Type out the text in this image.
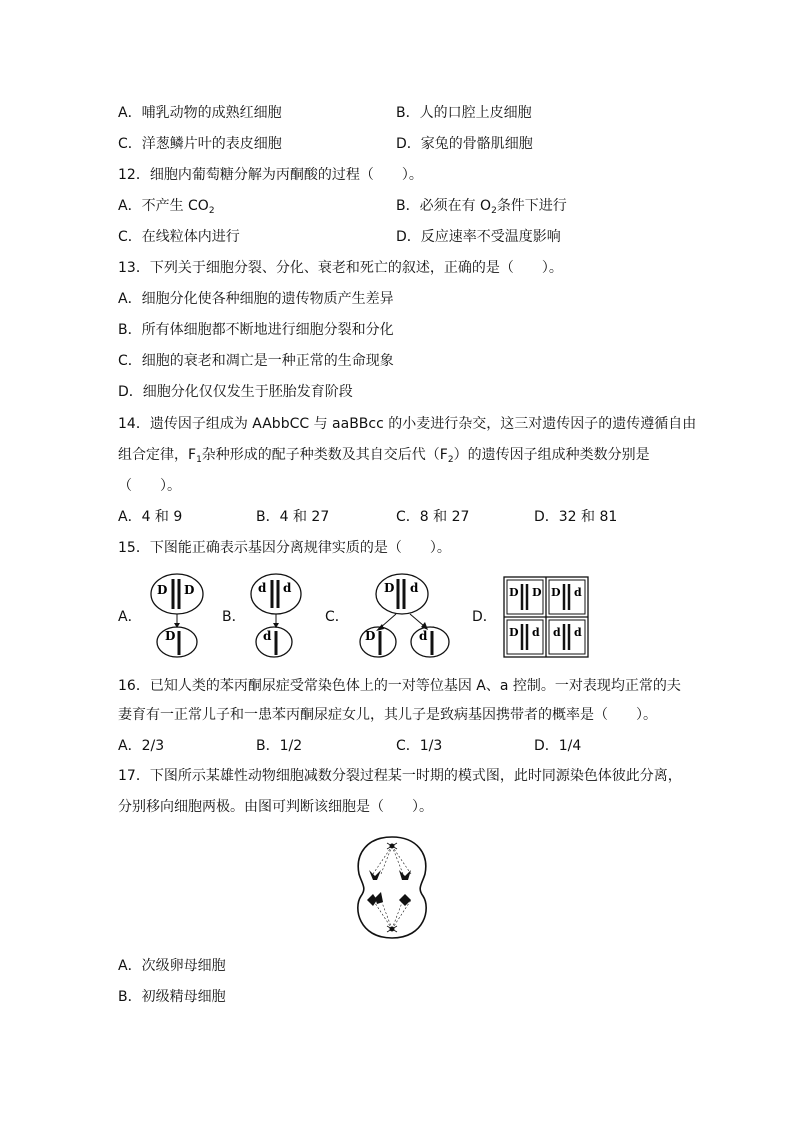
A．哺乳动物的成熟红细胞	B．人的口腔上皮细胞
C．洋葱鳞片叶的表皮细胞	D．家兔的骨骼肌细胞
12．细胞内葡萄糖分解为丙酮酸的过程（　　）。
A．不产生 $CO_2$	B．必须在有 $O_2$条件下进行
C．在线粒体内进行	D．反应速率不受温度影响
13．下列关于细胞分裂、分化、衰老和死亡的叙述，正确的是（　　）。
A．细胞分化使各种细胞的遗传物质产生差异
B．所有体细胞都不断地进行细胞分裂和分化
C．细胞的衰老和凋亡是一种正常的生命现象
D．细胞分化仅仅发生于胚胎发育阶段
14．遗传因子组成为 AAbbCC 与 aaBBcc 的小麦进行杂交，这三对遗传因子的遗传遵循自由
组合定律，$F_1$杂种形成的配子种类数及其自交后代$(F_2)$的遗传因子组成种类数分别是
（　　）。
A．4 和 9	B．4 和 27	C．8 和 27	D．32 和 81
15．下图能正确表示基因分离规律实质的是（　　）。
A．	B．	C．	D．
D D
D
d d
d
D d
D	d
D D D d
D d d d
16．已知人类的苯丙酮尿症受常染色体上的一对等位基因 A、a 控制。一对表现均正常的夫
妻育有一正常儿子和一患苯丙酮尿症女儿，其儿子是致病基因携带者的概率是（　　）。
A．2/3	B．1/2	C．1/3	D．1/4
17．下图所示某雄性动物细胞减数分裂过程某一时期的模式图，此时同源染色体彼此分离，
分别移向细胞两极。由图可判断该细胞是（　　）。
A．次级卵母细胞
B．初级精母细胞
